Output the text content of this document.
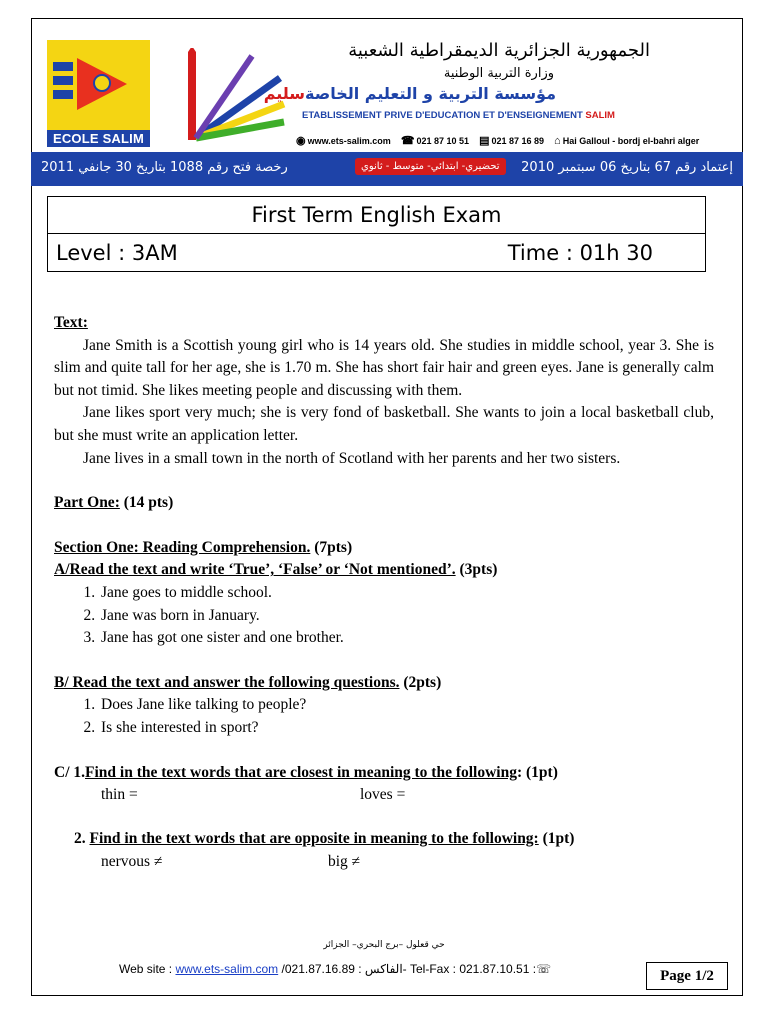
ECOLE SALIM
الجمهورية الجزائرية الديمقراطية الشعبية
وزارة التربية الوطنية
مؤسسة التربية و التعليم الخاصةسليم
ETABLISSEMENT PRIVE D'EDUCATION ET D'ENSEIGNEMENT SALIM
◉ www.ets-salim.com ☎ 021 87 10 51 ▤ 021 87 16 89 ⌂ Hai Galloul - bordj el-bahri alger
رخصة فتح رقم 1088 بتاريخ 30 جانفي 2011	تحضيري- ابتدائي- متوسط - ثانوي	إعتماد رقم 67 بتاريخ 06 سبتمبر 2010
First Term English Exam
Level : 3AM	Time : 01h 30
Text:

Jane Smith is a Scottish young girl who is 14 years old. She studies in middle school, year 3. She is slim and quite tall for her age, she is 1.70 m. She has short fair hair and green eyes. Jane is generally calm but not timid. She likes meeting people and discussing with them.

Jane likes sport very much; she is very fond of basketball. She wants to join a local basketball club, but she must write an application letter.

Jane lives in a small town in the north of Scotland with her parents and her two sisters.

Part One: (14 pts)

Section One: Reading Comprehension. (7pts)

A/Read the text and write ‘True’, ‘False’ or ‘Not mentioned’. (3pts)

1. Jane goes to middle school.
2. Jane was born in January.
3. Jane has got one sister and one brother.

B/ Read the text and answer the following questions. (2pts)

1. Does Jane like talking to people?
2. Is she interested in sport?

C/ 1.Find in the text words that are closest in meaning to the following: (1pt)

thin =	loves =

2. Find in the text words that are opposite in meaning to the following: (1pt)

nervous ≠	big ≠
حي قعلول –برج البحري– الجزائر
Web site : www.ets-salim.com /021.87.16.89 : الفاكس- Tel-Fax : 021.87.10.51 :☏	Page 1/2
